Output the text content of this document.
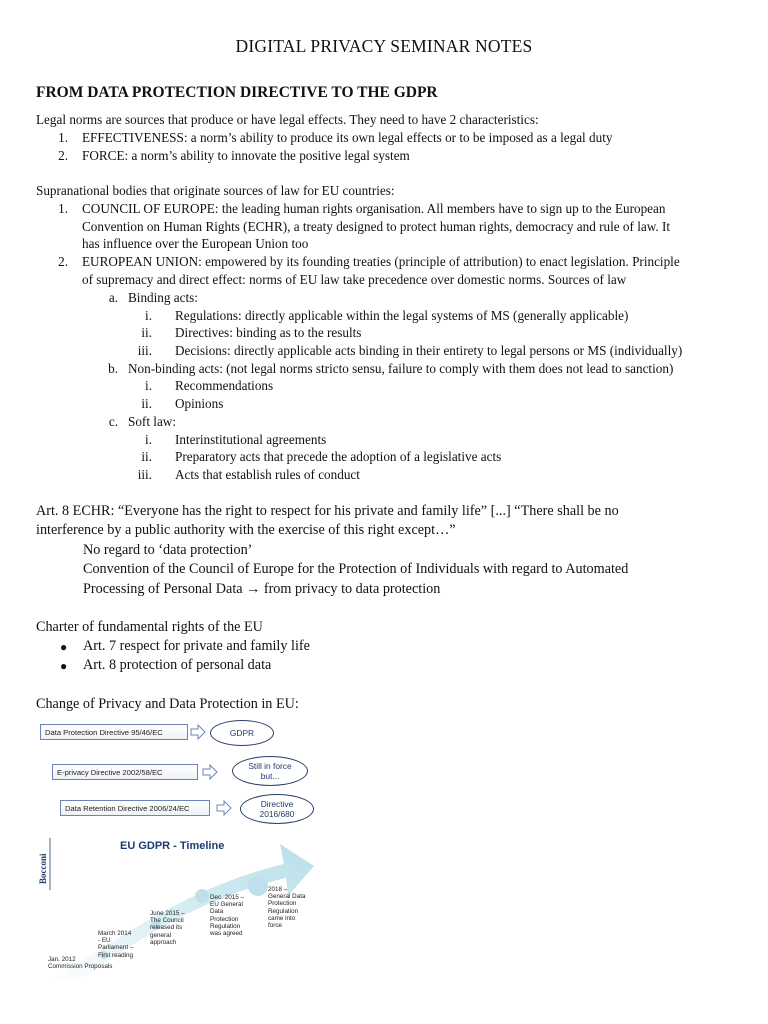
DIGITAL PRIVACY SEMINAR NOTES
FROM DATA PROTECTION DIRECTIVE TO THE GDPR
Legal norms are sources that produce or have legal effects. They need to have 2 characteristics:
1. EFFECTIVENESS: a norm’s ability to produce its own legal effects or to be imposed as a legal duty
2. FORCE: a norm’s ability to innovate the positive legal system
Supranational bodies that originate sources of law for EU countries:
1. COUNCIL OF EUROPE: the leading human rights organisation. All members have to sign up to the European
Convention on Human Rights (ECHR), a treaty designed to protect human rights, democracy and rule of law. It
has influence over the European Union too
2. EUROPEAN UNION: empowered by its founding treaties (principle of attribution) to enact legislation. Principle
of supremacy and direct effect: norms of EU law take precedence over domestic norms. Sources of law
a. Binding acts:
i. Regulations: directly applicable within the legal systems of MS (generally applicable)
ii. Directives: binding as to the results
iii. Decisions: directly applicable acts binding in their entirety to legal persons or MS (individually)
b. Non-binding acts: (not legal norms stricto sensu, failure to comply with them does not lead to sanction)
i. Recommendations
ii. Opinions
c. Soft law:
i. Interinstitutional agreements
ii. Preparatory acts that precede the adoption of a legislative acts
iii. Acts that establish rules of conduct
Art. 8 ECHR: “Everyone has the right to respect for his private and family life” [...] “There shall be no
interference by a public authority with the exercise of this right except…”
No regard to ‘data protection’
Convention of the Council of Europe for the Protection of Individuals with regard to Automated
Processing of Personal Data → from privacy to data protection
Charter of fundamental rights of the EU
● Art. 7 respect for private and family life
● Art. 8 protection of personal data
Change of Privacy and Data Protection in EU:
Data Protection Directive 95/46/EC	GDPR
E-privacy Directive 2002/58/EC
Still in force
but...
Data Retention Directive 2006/24/EC	Directive
2016/680
Bocconi
EU GDPR - Timeline
Jan. 2012
Commission Proposals
March 2014
- EU
Parliament –
First reading
June 2015 –
The Council
released its
general
approach
Dec. 2015 –
EU General
Data
Protection
Regulation
was agreed
2018 –
General Data
Protection
Regulation
came into
force
